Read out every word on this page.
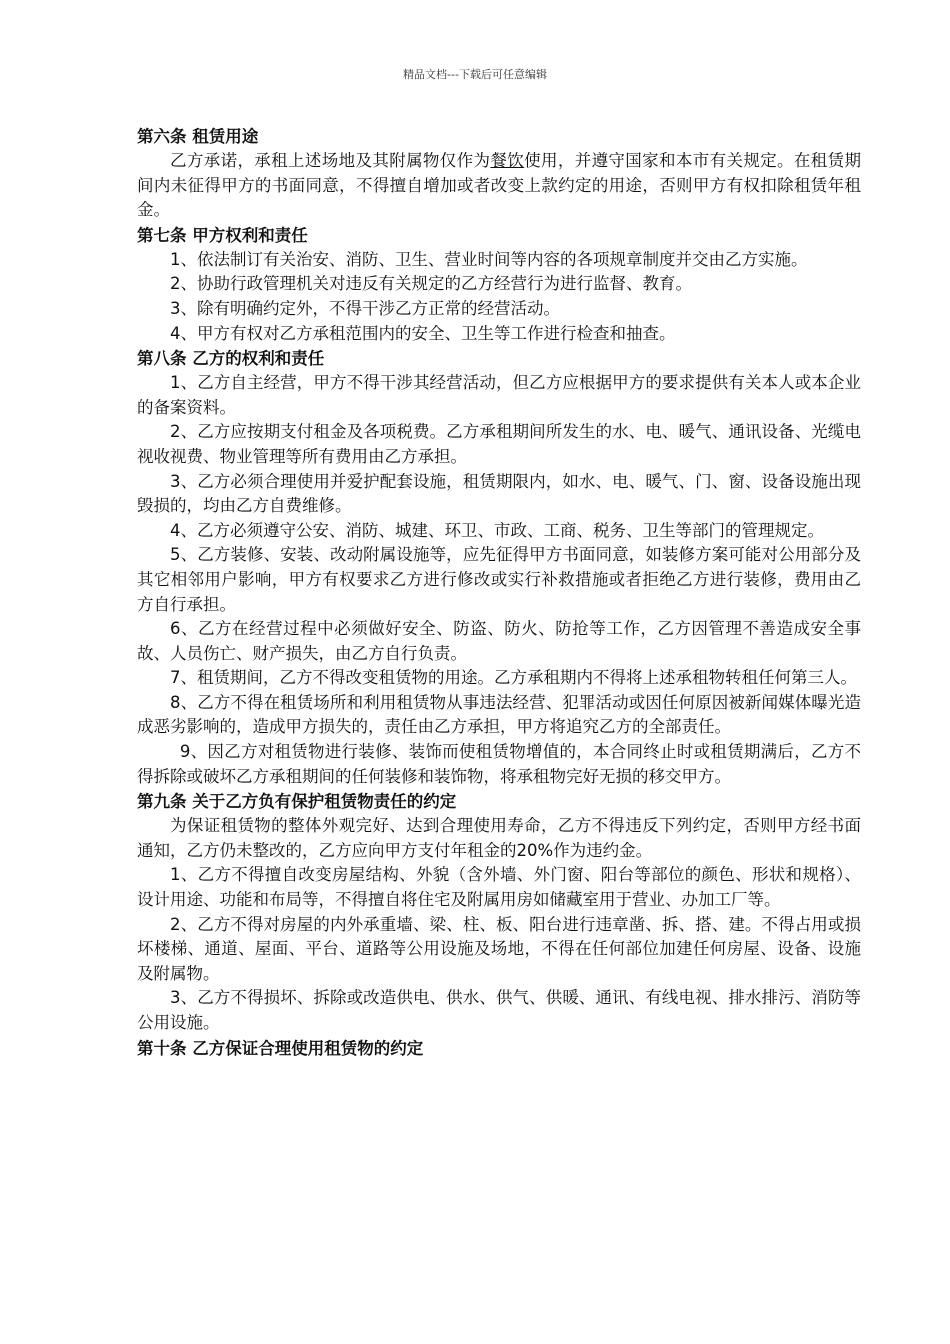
精品文档---下载后可任意编辑

第六条 租赁用途

乙方承诺，承租上述场地及其附属物仅作为餐饮使用，并遵守国家和本市有关规定。在租赁期间内未征得甲方的书面同意，不得擅自增加或者改变上款约定的用途，否则甲方有权扣除租赁年租金。

第七条 甲方权利和责任

1、依法制订有关治安、消防、卫生、营业时间等内容的各项规章制度并交由乙方实施。

2、协助行政管理机关对违反有关规定的乙方经营行为进行监督、教育。

3、除有明确约定外，不得干涉乙方正常的经营活动。

4、甲方有权对乙方承租范围内的安全、卫生等工作进行检查和抽查。

第八条 乙方的权利和责任

1、乙方自主经营，甲方不得干涉其经营活动，但乙方应根据甲方的要求提供有关本人或本企业的备案资料。

2、乙方应按期支付租金及各项税费。乙方承租期间所发生的水、电、暖气、通讯设备、光缆电视收视费、物业管理等所有费用由乙方承担。

3、乙方必须合理使用并爱护配套设施，租赁期限内，如水、电、暖气、门、窗、设备设施出现毁损的，均由乙方自费维修。

4、乙方必须遵守公安、消防、城建、环卫、市政、工商、税务、卫生等部门的管理规定。

5、乙方装修、安装、改动附属设施等，应先征得甲方书面同意，如装修方案可能对公用部分及其它相邻用户影响，甲方有权要求乙方进行修改或实行补救措施或者拒绝乙方进行装修，费用由乙方自行承担。

6、乙方在经营过程中必须做好安全、防盗、防火、防抢等工作，乙方因管理不善造成安全事故、人员伤亡、财产损失，由乙方自行负责。

7、租赁期间，乙方不得改变租赁物的用途。乙方承租期内不得将上述承租物转租任何第三人。

8、乙方不得在租赁场所和利用租赁物从事违法经营、犯罪活动或因任何原因被新闻媒体曝光造成恶劣影响的，造成甲方损失的，责任由乙方承担，甲方将追究乙方的全部责任。

9、因乙方对租赁物进行装修、装饰而使租赁物增值的，本合同终止时或租赁期满后，乙方不得拆除或破坏乙方承租期间的任何装修和装饰物，将承租物完好无损的移交甲方。

第九条 关于乙方负有保护租赁物责任的约定

为保证租赁物的整体外观完好、达到合理使用寿命，乙方不得违反下列约定，否则甲方经书面通知，乙方仍未整改的，乙方应向甲方支付年租金的20%作为违约金。

1、乙方不得擅自改变房屋结构、外貌（含外墙、外门窗、阳台等部位的颜色、形状和规格）、设计用途、功能和布局等，不得擅自将住宅及附属用房如储藏室用于营业、办加工厂等。

2、乙方不得对房屋的内外承重墙、梁、柱、板、阳台进行违章凿、拆、搭、建。不得占用或损坏楼梯、通道、屋面、平台、道路等公用设施及场地，不得在任何部位加建任何房屋、设备、设施及附属物。

3、乙方不得损坏、拆除或改造供电、供水、供气、供暖、通讯、有线电视、排水排污、消防等公用设施。

第十条 乙方保证合理使用租赁物的约定
